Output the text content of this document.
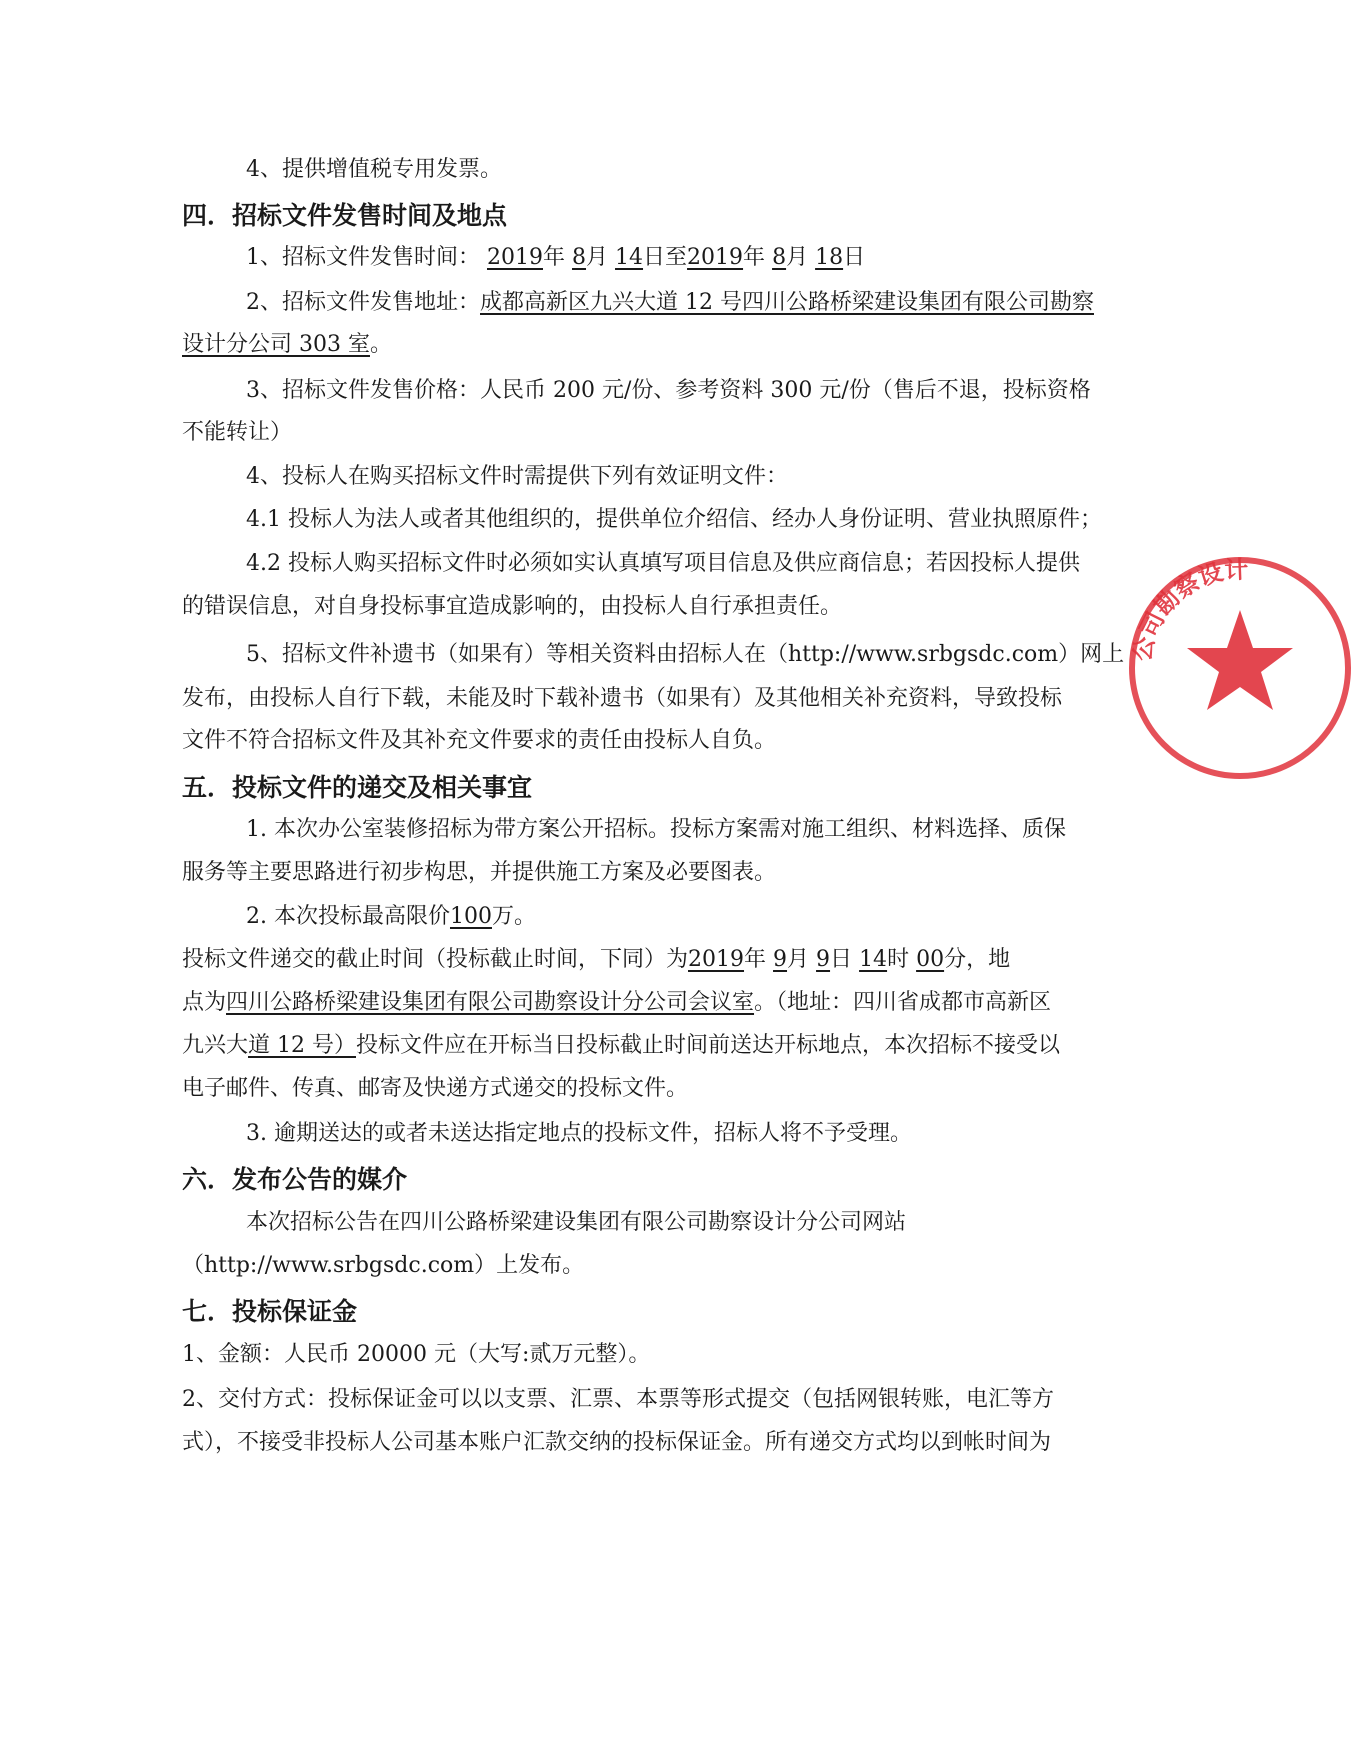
4、提供增值税专用发票。
四．招标文件发售时间及地点
1、招标文件发售时间： 2019年 8月 14日至2019年 8月 18日
2、招标文件发售地址：成都高新区九兴大道 12 号四川公路桥梁建设集团有限公司勘察
设计分公司 303 室。
3、招标文件发售价格：人民币 200 元/份、参考资料 300 元/份（售后不退，投标资格
不能转让）
4、投标人在购买招标文件时需提供下列有效证明文件：
4.1 投标人为法人或者其他组织的，提供单位介绍信、经办人身份证明、营业执照原件；
4.2 投标人购买招标文件时必须如实认真填写项目信息及供应商信息；若因投标人提供
的错误信息，对自身投标事宜造成影响的，由投标人自行承担责任。
5、招标文件补遗书（如果有）等相关资料由招标人在（http://www.srbgsdc.com）网上
发布，由投标人自行下载，未能及时下载补遗书（如果有）及其他相关补充资料，导致投标
文件不符合招标文件及其补充文件要求的责任由投标人自负。
五．投标文件的递交及相关事宜
1. 本次办公室装修招标为带方案公开招标。投标方案需对施工组织、材料选择、质保
服务等主要思路进行初步构思，并提供施工方案及必要图表。
2. 本次投标最高限价100万。
投标文件递交的截止时间（投标截止时间，下同）为2019年 9月 9日 14时 00分，地
点为四川公路桥梁建设集团有限公司勘察设计分公司会议室。（地址：四川省成都市高新区
九兴大道 12 号）投标文件应在开标当日投标截止时间前送达开标地点，本次招标不接受以
电子邮件、传真、邮寄及快递方式递交的投标文件。
3. 逾期送达的或者未送达指定地点的投标文件，招标人将不予受理。
六．发布公告的媒介
本次招标公告在四川公路桥梁建设集团有限公司勘察设计分公司网站
（http://www.srbgsdc.com）上发布。
七．投标保证金
1、金额：人民币 20000 元（大写:贰万元整）。
2、交付方式：投标保证金可以以支票、汇票、本票等形式提交（包括网银转账，电汇等方
式），不接受非投标人公司基本账户汇款交纳的投标保证金。所有递交方式均以到帐时间为
公司勘察设计
